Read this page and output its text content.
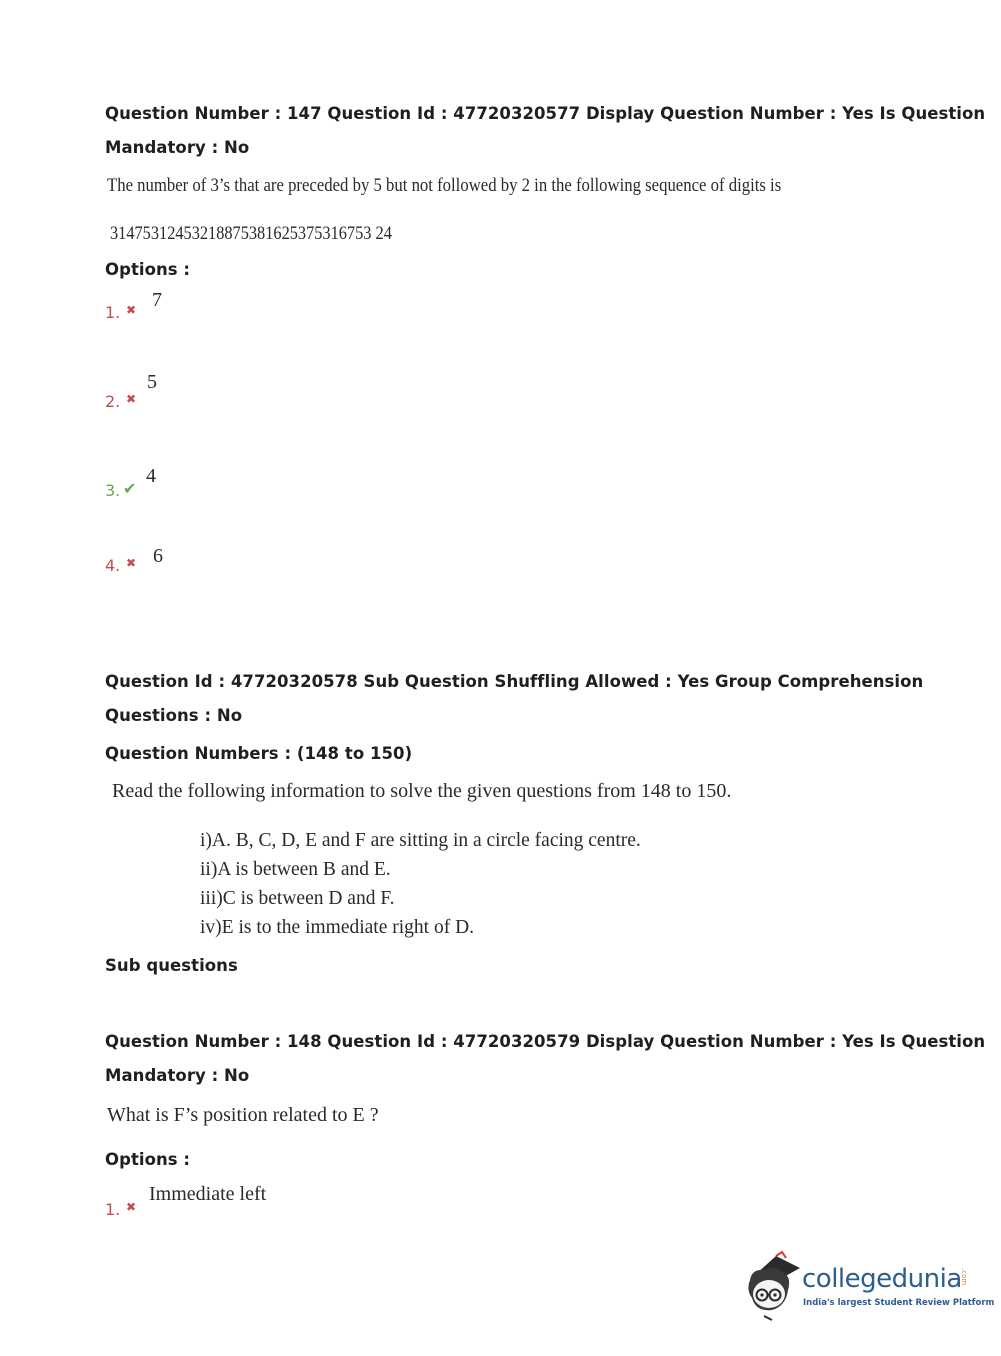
Question Number : 147 Question Id : 47720320577 Display Question Number : Yes Is Question
Mandatory : No
The number of 3’s that are preceded by 5 but not followed by 2 in the following sequence of digits is
31475312453218875381625375316753 24
Options :
1. ✖ 7
2. ✖
5
3. ✔
4
4. ✖ 6
Question Id : 47720320578 Sub Question Shuffling Allowed : Yes Group Comprehension
Questions : No
Question Numbers : (148 to 150)
Read the following information to solve the given questions from 148 to 150.
i)A. B, C, D, E and F are sitting in a circle facing centre.
ii)A is between B and E.
iii)C is between D and F.
iv)E is to the immediate right of D.
Sub questions
Question Number : 148 Question Id : 47720320579 Display Question Number : Yes Is Question
Mandatory : No
What is F’s position related to E ?
Options :
1. ✖
Immediate left
collegedunia
.com
India's largest Student Review Platform
